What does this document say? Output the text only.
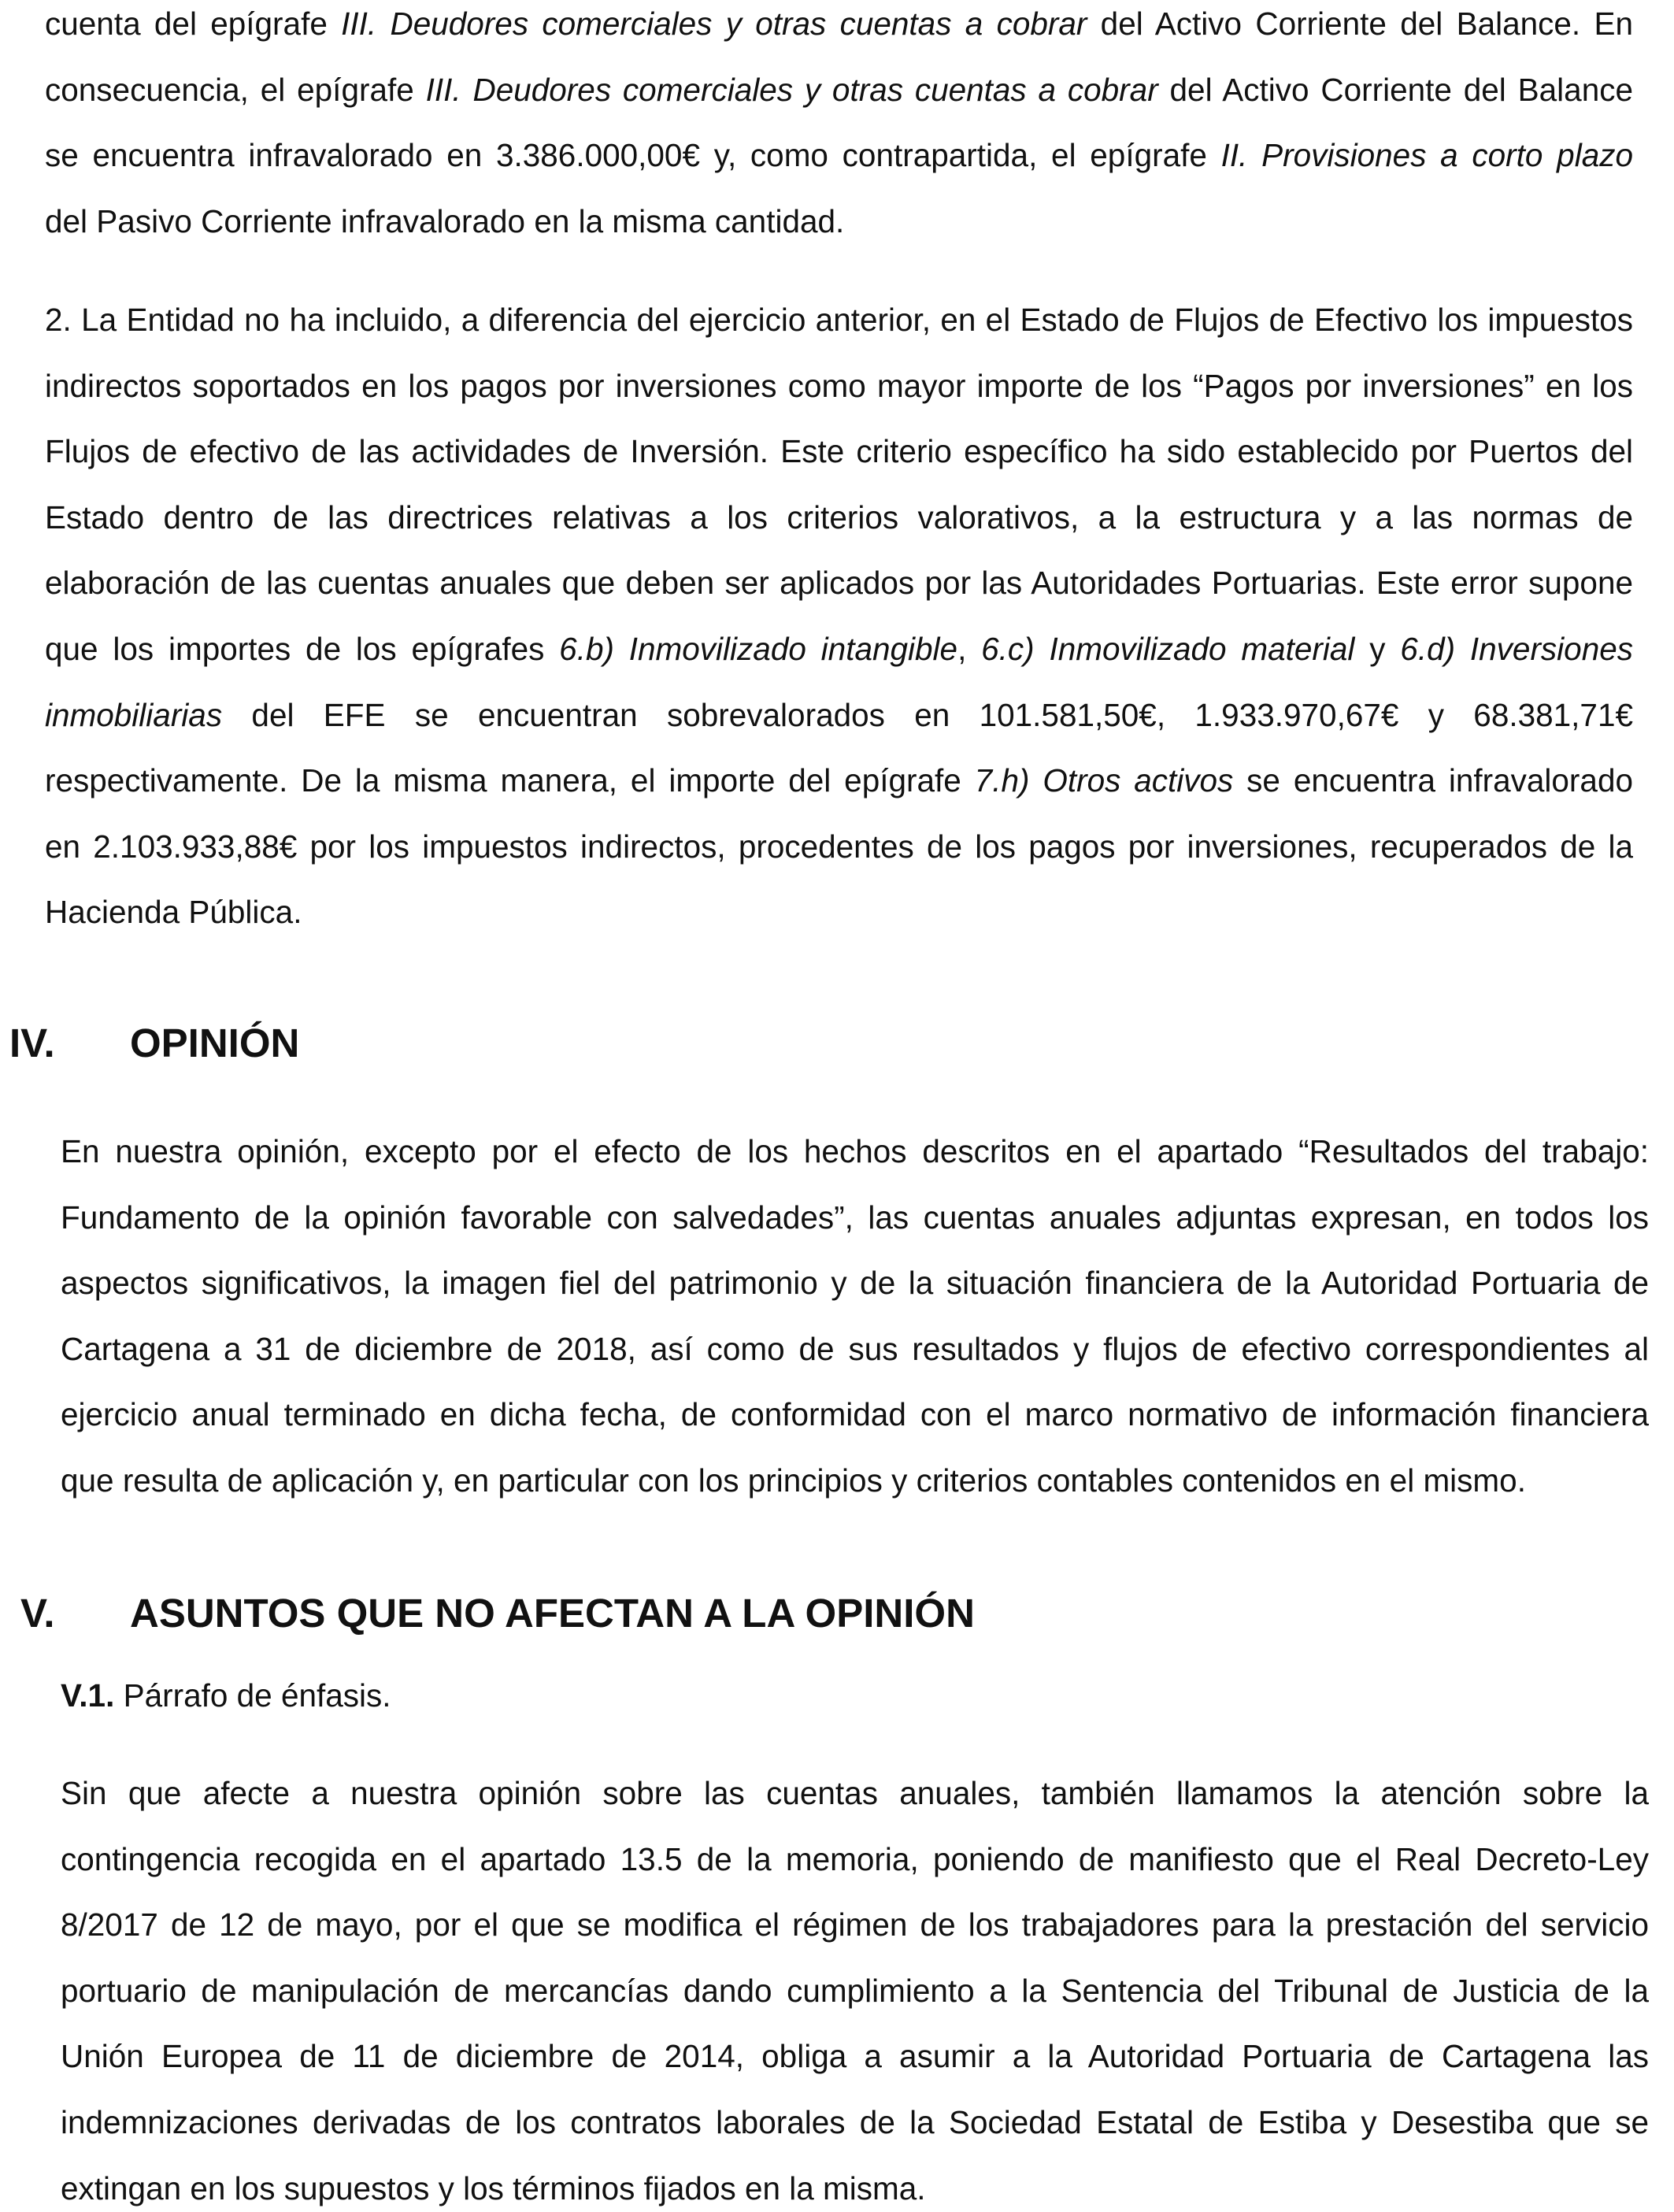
cuenta del epígrafe III. Deudores comerciales y otras cuentas a cobrar del Activo Corriente del Balance. En
consecuencia, el epígrafe III. Deudores comerciales y otras cuentas a cobrar del Activo Corriente del Balance
se encuentra infravalorado en 3.386.000,00€ y, como contrapartida, el epígrafe II. Provisiones a corto plazo
del Pasivo Corriente infravalorado en la misma cantidad.
2. La Entidad no ha incluido, a diferencia del ejercicio anterior, en el Estado de Flujos de Efectivo los impuestos
indirectos soportados en los pagos por inversiones como mayor importe de los “Pagos por inversiones” en los
Flujos de efectivo de las actividades de Inversión. Este criterio específico ha sido establecido por Puertos del
Estado dentro de las directrices relativas a los criterios valorativos, a la estructura y a las normas de
elaboración de las cuentas anuales que deben ser aplicados por las Autoridades Portuarias. Este error supone
que los importes de los epígrafes 6.b) Inmovilizado intangible, 6.c) Inmovilizado material y 6.d) Inversiones
inmobiliarias del EFE se encuentran sobrevalorados en 101.581,50€, 1.933.970,67€ y 68.381,71€
respectivamente. De la misma manera, el importe del epígrafe 7.h) Otros activos se encuentra infravalorado
en 2.103.933,88€ por los impuestos indirectos, procedentes de los pagos por inversiones, recuperados de la
Hacienda Pública.
IV. OPINIÓN
En nuestra opinión, excepto por el efecto de los hechos descritos en el apartado “Resultados del trabajo:
Fundamento de la opinión favorable con salvedades”, las cuentas anuales adjuntas expresan, en todos los
aspectos significativos, la imagen fiel del patrimonio y de la situación financiera de la Autoridad Portuaria de
Cartagena a 31 de diciembre de 2018, así como de sus resultados y flujos de efectivo correspondientes al
ejercicio anual terminado en dicha fecha, de conformidad con el marco normativo de información financiera
que resulta de aplicación y, en particular con los principios y criterios contables contenidos en el mismo.
V. ASUNTOS QUE NO AFECTAN A LA OPINIÓN
V.1. Párrafo de énfasis.
Sin que afecte a nuestra opinión sobre las cuentas anuales, también llamamos la atención sobre la
contingencia recogida en el apartado 13.5 de la memoria, poniendo de manifiesto que el Real Decreto-Ley
8/2017 de 12 de mayo, por el que se modifica el régimen de los trabajadores para la prestación del servicio
portuario de manipulación de mercancías dando cumplimiento a la Sentencia del Tribunal de Justicia de la
Unión Europea de 11 de diciembre de 2014, obliga a asumir a la Autoridad Portuaria de Cartagena las
indemnizaciones derivadas de los contratos laborales de la Sociedad Estatal de Estiba y Desestiba que se
extingan en los supuestos y los términos fijados en la misma.
